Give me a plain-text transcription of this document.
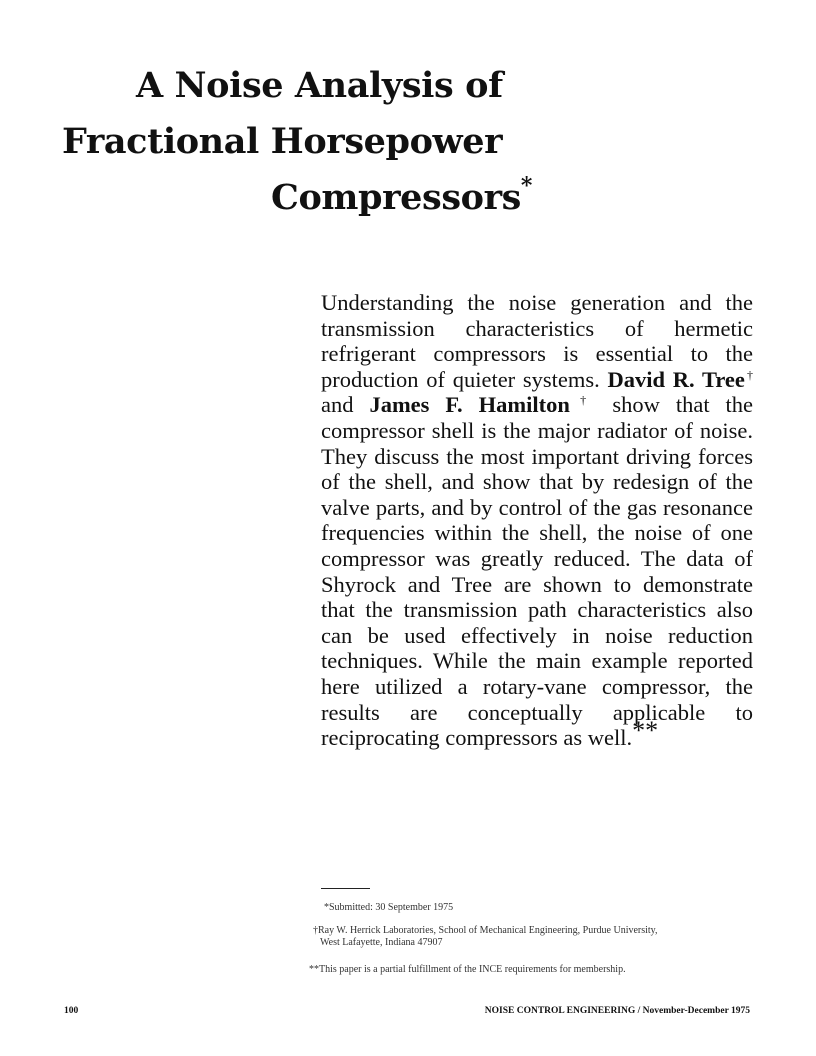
A Noise Analysis of
Fractional Horsepower
Compressors*

Understanding the noise generation and the transmission characteristics of hermetic refrigerant compressors is essential to the production of quieter systems. David R. Tree† and James F. Hamilton† show that the compressor shell is the major radiator of noise. They discuss the most important driving forces of the shell, and show that by redesign of the valve parts, and by control of the gas resonance frequencies within the shell, the noise of one compressor was greatly reduced. The data of Shyrock and Tree are shown to demonstrate that the transmission path characteristics also can be used effectively in noise reduction techniques. While the main example reported here utilized a rotary-vane compressor, the results are conceptually applicable to reciprocating compressors as well.**

*Submitted: 30 September 1975

†Ray W. Herrick Laboratories, School of Mechanical Engineering, Purdue University,
West Lafayette, Indiana 47907

**This paper is a partial fulfillment of the INCE requirements for membership.

100	NOISE CONTROL ENGINEERING / November-December 1975
